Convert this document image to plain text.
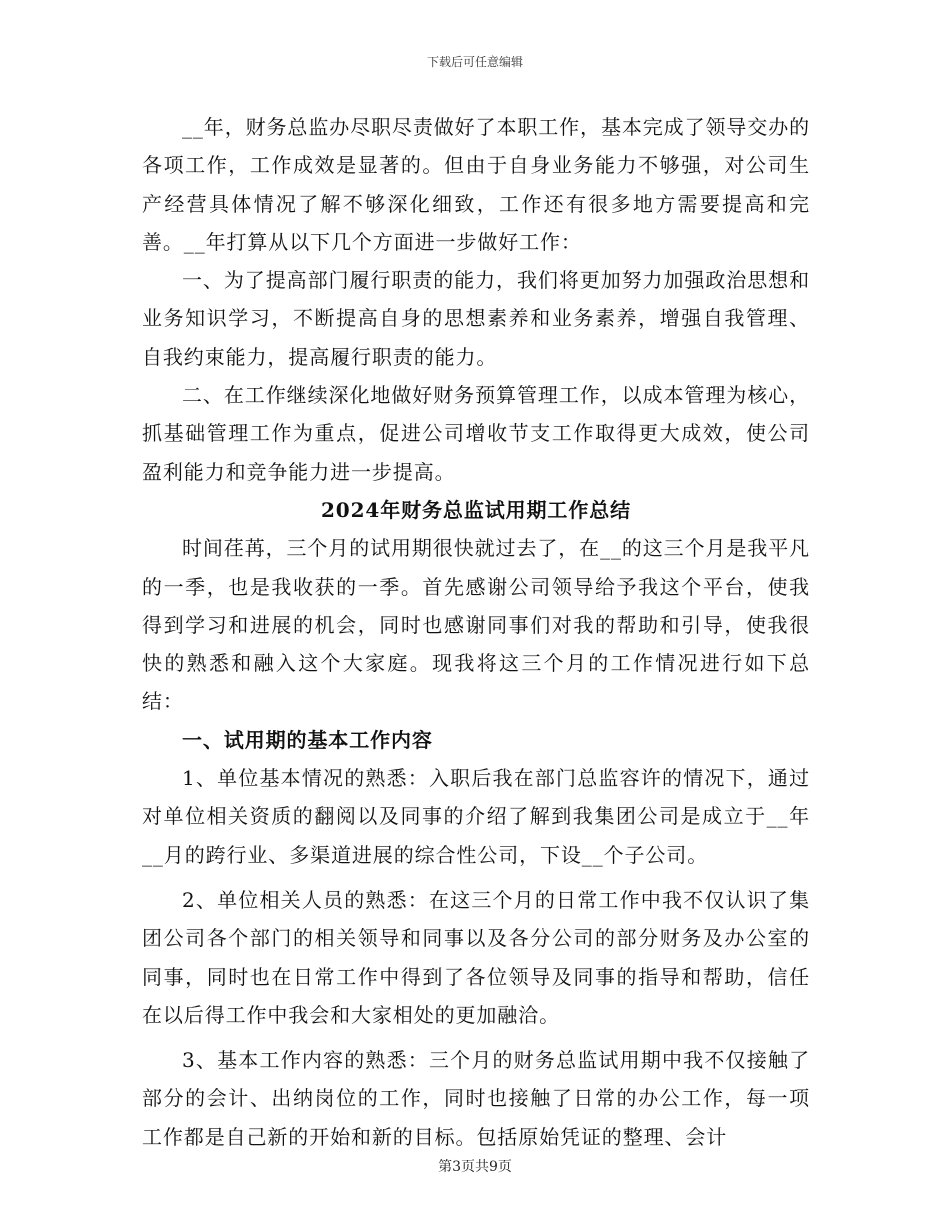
下载后可任意编辑

__年，财务总监办尽职尽责做好了本职工作，基本完成了领导交办的各项工作，工作成效是显著的。但由于自身业务能力不够强，对公司生产经营具体情况了解不够深化细致，工作还有很多地方需要提高和完善。__年打算从以下几个方面进一步做好工作：

一、为了提高部门履行职责的能力，我们将更加努力加强政治思想和业务知识学习，不断提高自身的思想素养和业务素养，增强自我管理、自我约束能力，提高履行职责的能力。

二、在工作继续深化地做好财务预算管理工作，以成本管理为核心，抓基础管理工作为重点，促进公司增收节支工作取得更大成效，使公司盈利能力和竞争能力进一步提高。

2024年财务总监试用期工作总结

时间荏苒，三个月的试用期很快就过去了，在__的这三个月是我平凡的一季，也是我收获的一季。首先感谢公司领导给予我这个平台，使我得到学习和进展的机会，同时也感谢同事们对我的帮助和引导，使我很快的熟悉和融入这个大家庭。现我将这三个月的工作情况进行如下总结：

一、试用期的基本工作内容

1、单位基本情况的熟悉：入职后我在部门总监容许的情况下，通过对单位相关资质的翻阅以及同事的介绍了解到我集团公司是成立于__年__月的跨行业、多渠道进展的综合性公司，下设__个子公司。

2、单位相关人员的熟悉：在这三个月的日常工作中我不仅认识了集团公司各个部门的相关领导和同事以及各分公司的部分财务及办公室的同事，同时也在日常工作中得到了各位领导及同事的指导和帮助，信任在以后得工作中我会和大家相处的更加融洽。

3、基本工作内容的熟悉：三个月的财务总监试用期中我不仅接触了部分的会计、出纳岗位的工作，同时也接触了日常的办公工作，每一项工作都是自己新的开始和新的目标。包括原始凭证的整理、会计

第3页共9页
